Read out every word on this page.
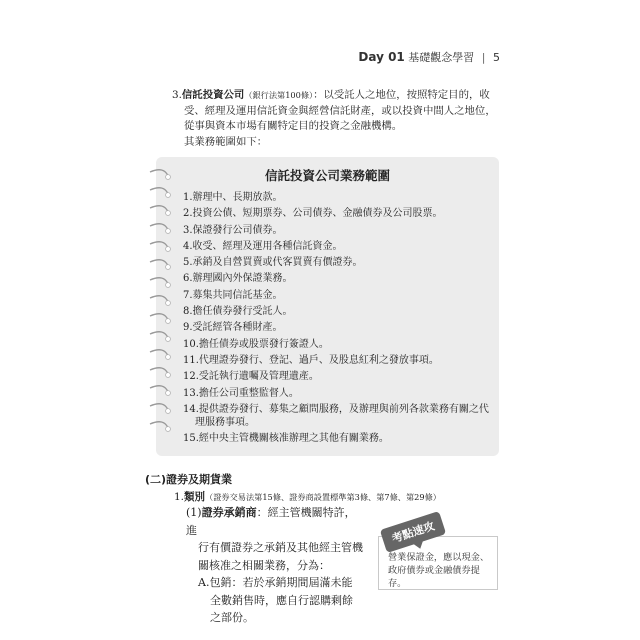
Day 01 基礎觀念學習 | 5
3.信託投資公司（銀行法第100條）：以受託人之地位，按照特定目的，收
受、經理及運用信託資金與經營信託財產，或以投資中間人之地位，
從事與資本市場有關特定目的投資之金融機構。
其業務範圍如下：
信託投資公司業務範圍
1.辦理中、長期放款。
2.投資公債、短期票券、公司債券、金融債券及公司股票。
3.保證發行公司債券。
4.收受、經理及運用各種信託資金。
5.承銷及自營買賣或代客買賣有價證券。
6.辦理國內外保證業務。
7.募集共同信託基金。
8.擔任債券發行受託人。
9.受託經管各種財產。
10.擔任債券或股票發行簽證人。
11.代理證券發行、登記、過戶、及股息紅利之發放事項。
12.受託執行遺囑及管理遺產。
13.擔任公司重整監督人。
14.提供證券發行、募集之顧問服務，及辦理與前列各款業務有關之代
理服務事項。
15.經中央主管機關核准辦理之其他有關業務。
(二)證券及期貨業
1.類別（證券交易法第15條、證券商設置標準第3條、第7條、第29條）
(1)證券承銷商：經主管機關特許，進
行有價證券之承銷及其他經主管機
關核准之相關業務，分為：
A.包銷：若於承銷期間屆滿未能
全數銷售時，應自行認購剩餘
之部份。
營業保證金，應以現金、政府債券或金融債券提存。
考點速攻
